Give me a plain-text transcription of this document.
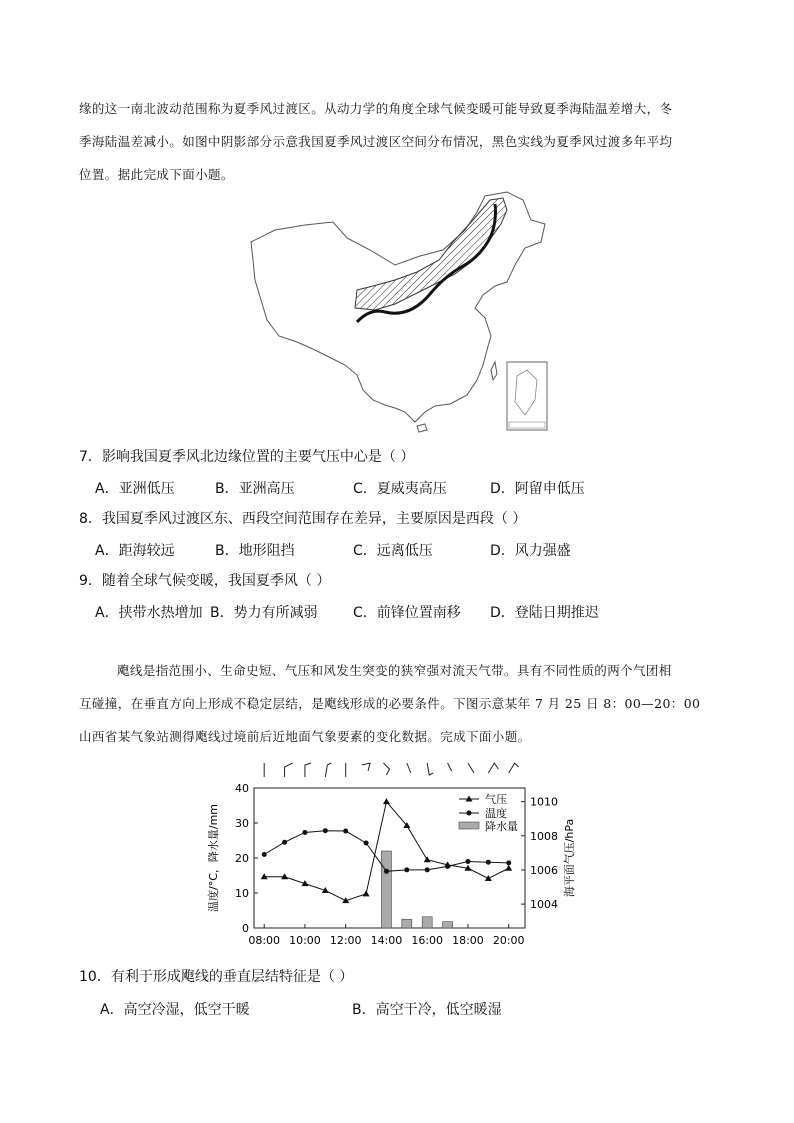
缘的这一南北波动范围称为夏季风过渡区。从动力学的角度全球气候变暖可能导致夏季海陆温差增大，冬
季海陆温差减小。如图中阴影部分示意我国夏季风过渡区空间分布情况，黑色实线为夏季风过渡多年平均
位置。据此完成下面小题。
7．影响我国夏季风北边缘位置的主要气压中心是（ ）
A．亚洲低压	B．亚洲高压	C．夏威夷高压	D．阿留申低压
8．我国夏季风过渡区东、西段空间范围存在差异，主要原因是西段（ ）
A．距海较远	B．地形阻挡	C．远离低压	D．风力强盛
9．随着全球气候变暖，我国夏季风（ ）
A．挟带水热增加 B．势力有所减弱	C．前锋位置南移 D．登陆日期推迟
飑线是指范围小、生命史短、气压和风发生突变的狭窄强对流天气带。具有不同性质的两个气团相
互碰撞，在垂直方向上形成不稳定层结，是飑线形成的必要条件。下图示意某年 7 月 25 日 8：00—20：00
山西省某气象站测得飑线过境前后近地面气象要素的变化数据。完成下面小题。
08:00 10:00 12:00 14:00 16:00 18:00 20:00
0
10
20
30
40
1004
1006
1008
1010
温度/°C，降水量/mm	海平面气压/hPa
气压
温度
降水量
10．有利于形成飑线的垂直层结特征是（ ）
A．高空冷湿，低空干暖	B．高空干冷，低空暖湿
